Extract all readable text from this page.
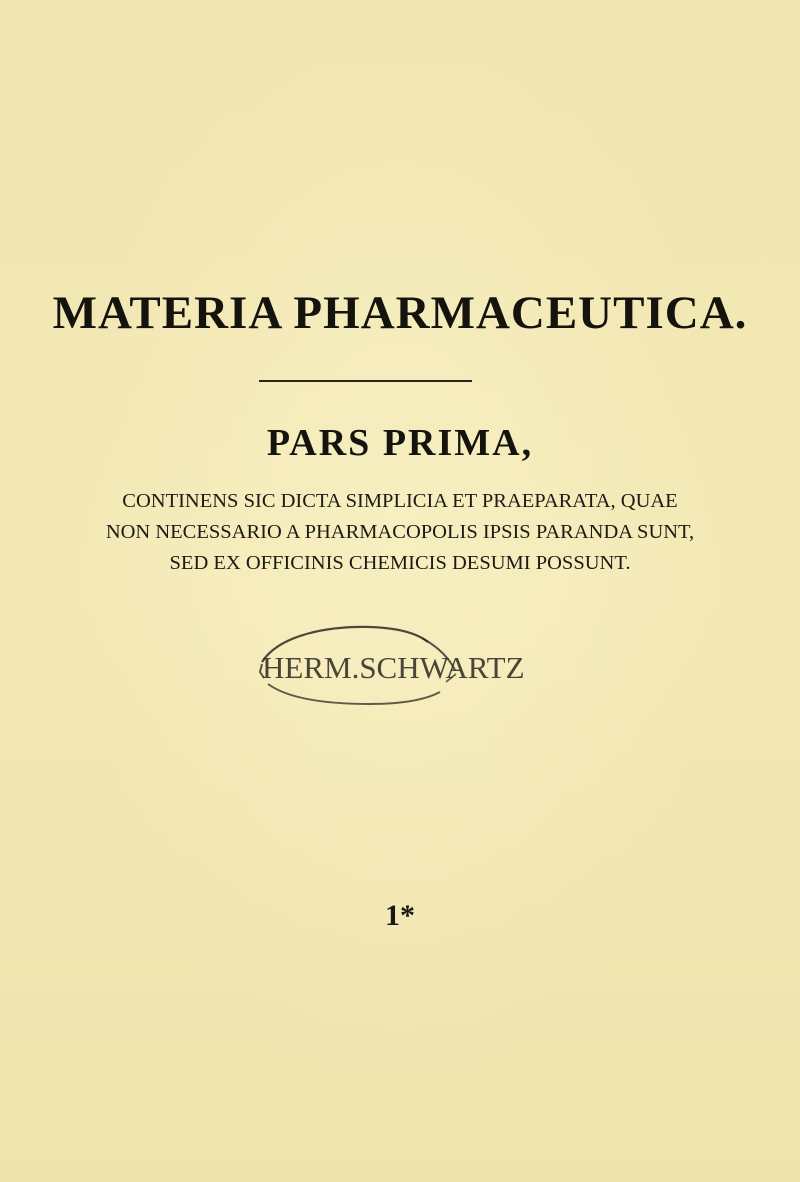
MATERIA PHARMACEUTICA.
PARS PRIMA,
CONTINENS SIC DICTA SIMPLICIA ET PRAEPARATA, QUAE
NON NECESSARIO A PHARMACOPOLIS IPSIS PARANDA SUNT,
SED EX OFFICINIS CHEMICIS DESUMI POSSUNT.
HERM.SCHWARTZ
1*
